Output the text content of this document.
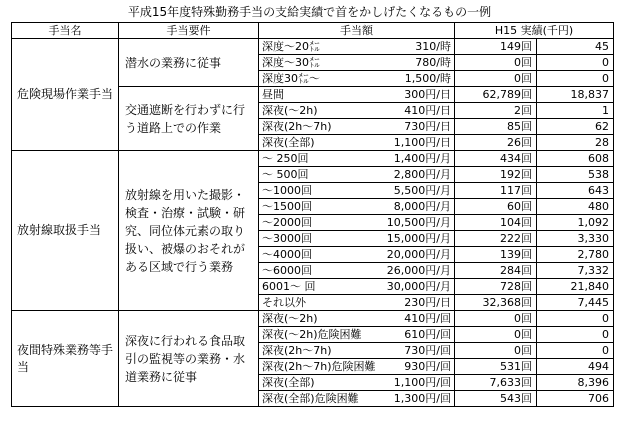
平成15年度特殊勤務手当の支給実績で首をかしげたくなるもの一例
手当名	手当要件	手当額	H15 実績(千円)	
危険現場作業手当	潜水の業務に従事	深度～20㍍ 310/時	149回	45
		深度～30㍍ 780/時	0回	0
		深度30㍍～ 1,500/時	0回	0
	交通遮断を行わずに行う道路上での作業	昼間 300円/日	62,789回	18,837
		深夜(～2h) 410円/日	2回	1
		深夜(2h～7h) 730円/日	85回	62
		深夜(全部) 1,100円/日	26回	28
放射線取扱手当	放射線を用いた撮影・検査・治療・試験・研究、同位体元素の取り扱い、被爆のおそれがある区域で行う業務	～ 250回 1,400円/月	434回	608
		～ 500回 2,800円/月	192回	538
		～1000回 5,500円/月	117回	643
		～1500回 8,000円/月	60回	480
		～2000回 10,500円/月	104回	1,092
		～3000回 15,000円/月	222回	3,330
		～4000回 20,000円/月	139回	2,780
		～6000回 26,000円/月	284回	7,332
		6001～ 回 30,000円/月	728回	21,840
		それ以外 230円/日	32,368回	7,445
夜間特殊業務等手当	深夜に行われる食品取引の監視等の業務・水道業務に従事	深夜(～2h) 410円/回	0回	0
		深夜(～2h)危険困難 610円/回	0回	0
		深夜(2h～7h) 730円/回	0回	0
		深夜(2h～7h)危険困難 930円/回	531回	494
		深夜(全部) 1,100円/回	7,633回	8,396
		深夜(全部)危険困難 1,300円/回	543回	706
